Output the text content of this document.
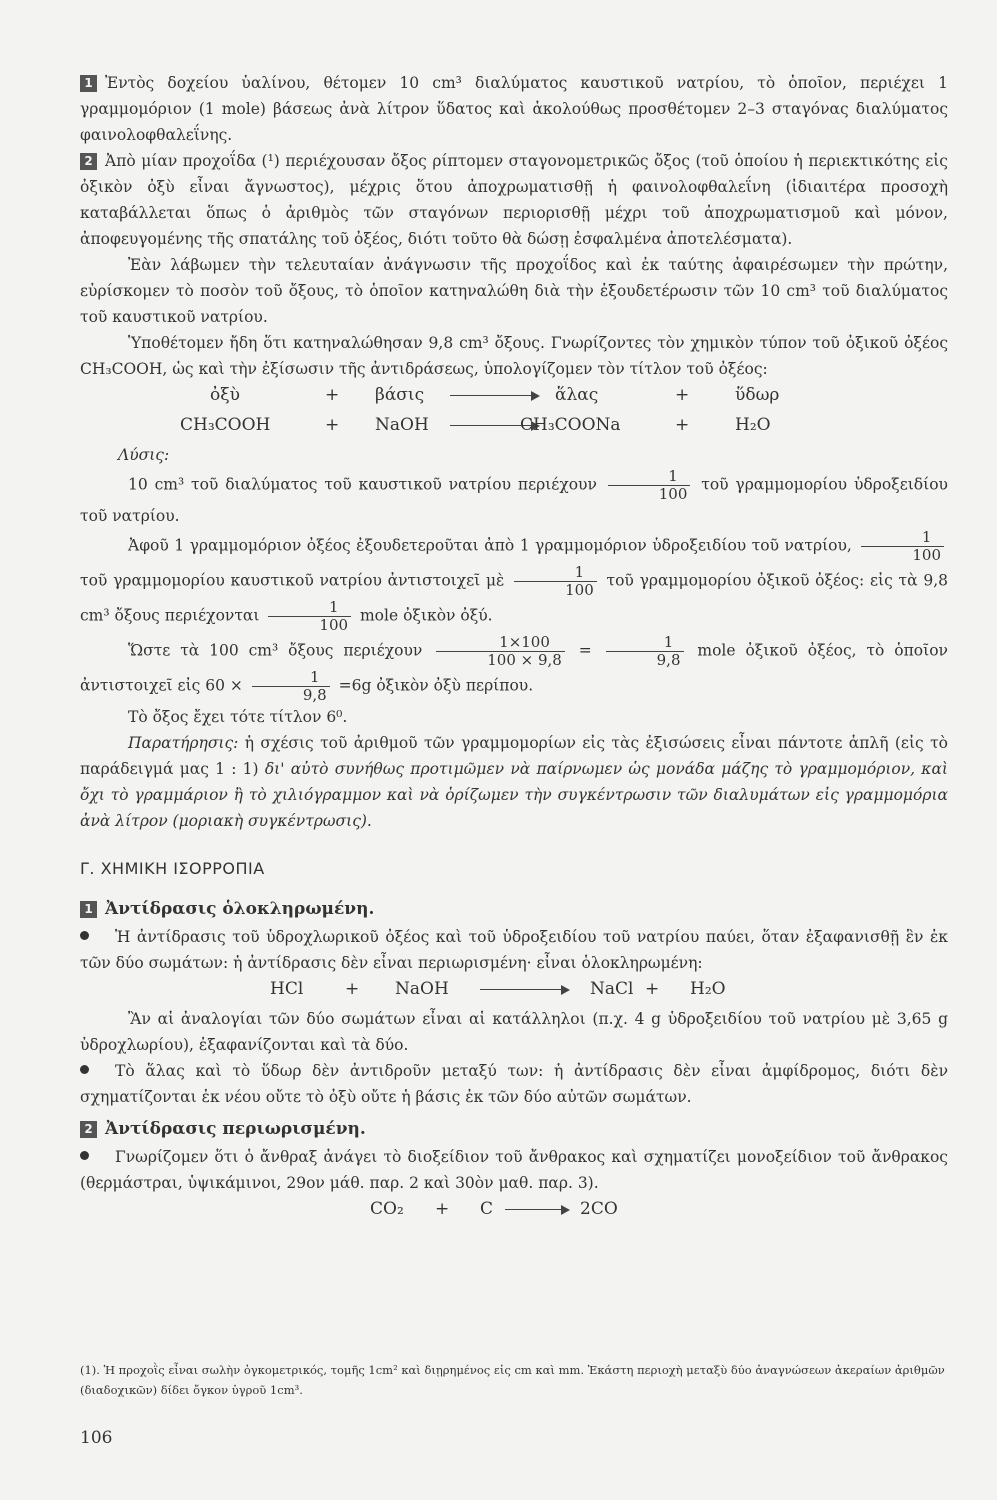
1 Ἐντὸς δοχείου ὑαλίνου, θέτομεν 10 cm³ διαλύματος καυστικοῦ νατρίου, τὸ ὁποῖον, περιέχει 1 γραμμομόριον (1 mole) βάσεως ἀνὰ λίτρον ὕδατος καὶ ἀκολούθως προσθέτομεν 2–3 σταγόνας διαλύματος φαινολοφθαλεΐνης.

2 Ἀπὸ μίαν προχοΐδα (¹) περιέχουσαν ὄξος ρίπτομεν σταγονομετρικῶς ὄξος (τοῦ ὁποίου ἡ περιεκτικότης εἰς ὀξικὸν ὀξὺ εἶναι ἄγνωστος), μέχρις ὅτου ἀποχρωματισθῇ ἡ φαινολοφθαλεΐνη (ἰδιαιτέρα προσοχὴ καταβάλλεται ὅπως ὁ ἀριθμὸς τῶν σταγόνων περιορισθῇ μέχρι τοῦ ἀποχρωματισμοῦ καὶ μόνον, ἀποφευγομένης τῆς σπατάλης τοῦ ὀξέος, διότι τοῦτο θὰ δώσῃ ἐσφαλμένα ἀποτελέσματα).

Ἐὰν λάβωμεν τὴν τελευταίαν ἀνάγνωσιν τῆς προχοΐδος καὶ ἐκ ταύτης ἀφαιρέσωμεν τὴν πρώτην, εὑρίσκομεν τὸ ποσὸν τοῦ ὄξους, τὸ ὁποῖον κατηναλώθη διὰ τὴν ἐξουδετέρωσιν τῶν 10 cm³ τοῦ διαλύματος τοῦ καυστικοῦ νατρίου.

Ὑποθέτομεν ἤδη ὅτι κατηναλώθησαν 9,8 cm³ ὄξους. Γνωρίζοντες τὸν χημικὸν τύπον τοῦ ὀξικοῦ ὀξέος CH₃COOH, ὡς καὶ τὴν ἐξίσωσιν τῆς ἀντιδράσεως, ὑπολογίζομεν τὸν τίτλον τοῦ ὀξέος:

ὀξὺ	+ βάσις	ἅλας	+	ὕδωρ
CH₃COOH	+ NaOH	CH₃COONa	+	H₂O

Λύσις:

10 cm³ τοῦ διαλύματος τοῦ καυστικοῦ νατρίου περιέχουν $\frac{1}{100}$ τοῦ γραμμομορίου ὑδροξειδίου τοῦ νατρίου.

Ἀφοῦ 1 γραμμομόριον ὀξέος ἐξουδετεροῦται ἀπὸ 1 γραμμομόριον ὑδροξειδίου τοῦ νατρίου, $\frac{1}{100}$
τοῦ γραμμομορίου καυστικοῦ νατρίου ἀντιστοιχεῖ μὲ $\frac{1}{100}$ τοῦ γραμμομορίου ὀξικοῦ ὀξέος: εἰς τὰ 9,8 cm³ ὄξους περιέχονται $\frac{1}{100}$ mole ὀξικὸν ὀξύ.

Ὥστε τὰ 100 cm³ ὄξους περιέχουν $\frac{1\times 100}{100 \times 9,8} = \frac{1}{9,8}$ mole ὀξικοῦ ὀξέος, τὸ ὁποῖον ἀντιστοιχεῖ εἰς $60 \times \frac{1}{9,8} =6g$ ὀξικὸν ὀξὺ περίπου.

Τὸ ὄξος ἔχει τότε τίτλον 6⁰.

Παρατήρησις: ἡ σχέσις τοῦ ἀριθμοῦ τῶν γραμμομορίων εἰς τὰς ἐξισώσεις εἶναι πάντοτε ἁπλῆ (εἰς τὸ παράδειγμά μας 1 : 1) δι' αὐτὸ συνήθως προτιμῶμεν νὰ παίρνωμεν ὡς μονάδα μάζης τὸ γραμμομόριον, καὶ ὄχι τὸ γραμμάριον ἢ τὸ χιλιόγραμμον καὶ νὰ ὁρίζωμεν τὴν συγκέντρωσιν τῶν διαλυμάτων εἰς γραμμομόρια ἀνὰ λίτρον (μοριακὴ συγκέντρωσις).

Γ. ΧΗΜΙΚΗ ΙΣΟΡΡΟΠΙΑ
1 Ἀντίδρασις ὁλοκληρωμένη.

Ἡ ἀντίδρασις τοῦ ὑδροχλωρικοῦ ὀξέος καὶ τοῦ ὑδροξειδίου τοῦ νατρίου παύει, ὅταν ἐξαφανισθῇ ἓν ἐκ τῶν δύο σωμάτων: ἡ ἀντίδρασις δὲν εἶναι περιωρισμένη· εἶναι ὁλοκληρωμένη:

HCl + NaOH	NaCl + H₂O

Ἂν αἱ ἀναλογίαι τῶν δύο σωμάτων εἶναι αἱ κατάλληλοι (π.χ. 4 g ὑδροξειδίου τοῦ νατρίου μὲ 3,65 g ὑδροχλωρίου), ἐξαφανίζονται καὶ τὰ δύο.

Τὸ ἅλας καὶ τὸ ὕδωρ δὲν ἀντιδροῦν μεταξύ των: ἡ ἀντίδρασις δὲν εἶναι ἀμφίδρομος, διότι δὲν σχηματίζονται ἐκ νέου οὔτε τὸ ὀξὺ οὔτε ἡ βάσις ἐκ τῶν δύο αὐτῶν σωμάτων.

2 Ἀντίδρασις περιωρισμένη.

Γνωρίζομεν ὅτι ὁ ἄνθραξ ἀνάγει τὸ διοξείδιον τοῦ ἄνθρακος καὶ σχηματίζει μονοξείδιον τοῦ ἄνθρακος (θερμάστραι, ὑψικάμινοι, 29ον μάθ. παρ. 2 καὶ 30ὸν μαθ. παρ. 3).

CO₂ + C	2CO
(1). Ἡ προχοῒς εἶναι σωλὴν ὀγκομετρικός, τομῆς 1cm² καὶ διῃρημένος εἰς cm καὶ mm. Ἑκάστη περιοχὴ μεταξὺ δύο ἀναγνώσεων ἀκεραίων ἀριθμῶν (διαδοχικῶν) δίδει ὄγκον ὑγροῦ 1cm³.
106
